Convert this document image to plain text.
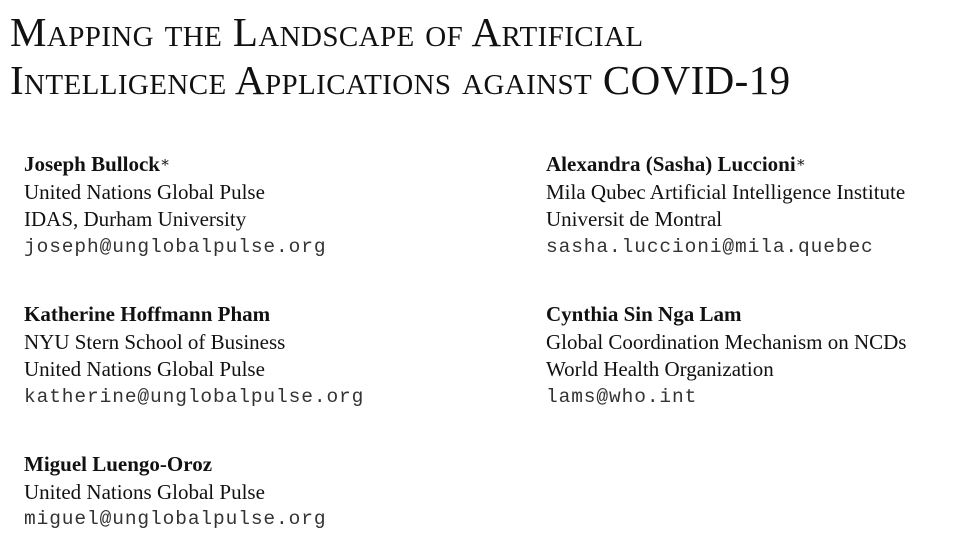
Mapping the Landscape of Artificial
Intelligence Applications against COVID-19
Joseph Bullock∗
United Nations Global Pulse
IDAS, Durham University
joseph@unglobalpulse.org
Alexandra (Sasha) Luccioni∗
Mila Qubec Artificial Intelligence Institute
Universit de Montral
sasha.luccioni@mila.quebec
Katherine Hoffmann Pham
NYU Stern School of Business
United Nations Global Pulse
katherine@unglobalpulse.org
Cynthia Sin Nga Lam
Global Coordination Mechanism on NCDs
World Health Organization
lams@who.int
Miguel Luengo-Oroz
United Nations Global Pulse
miguel@unglobalpulse.org
